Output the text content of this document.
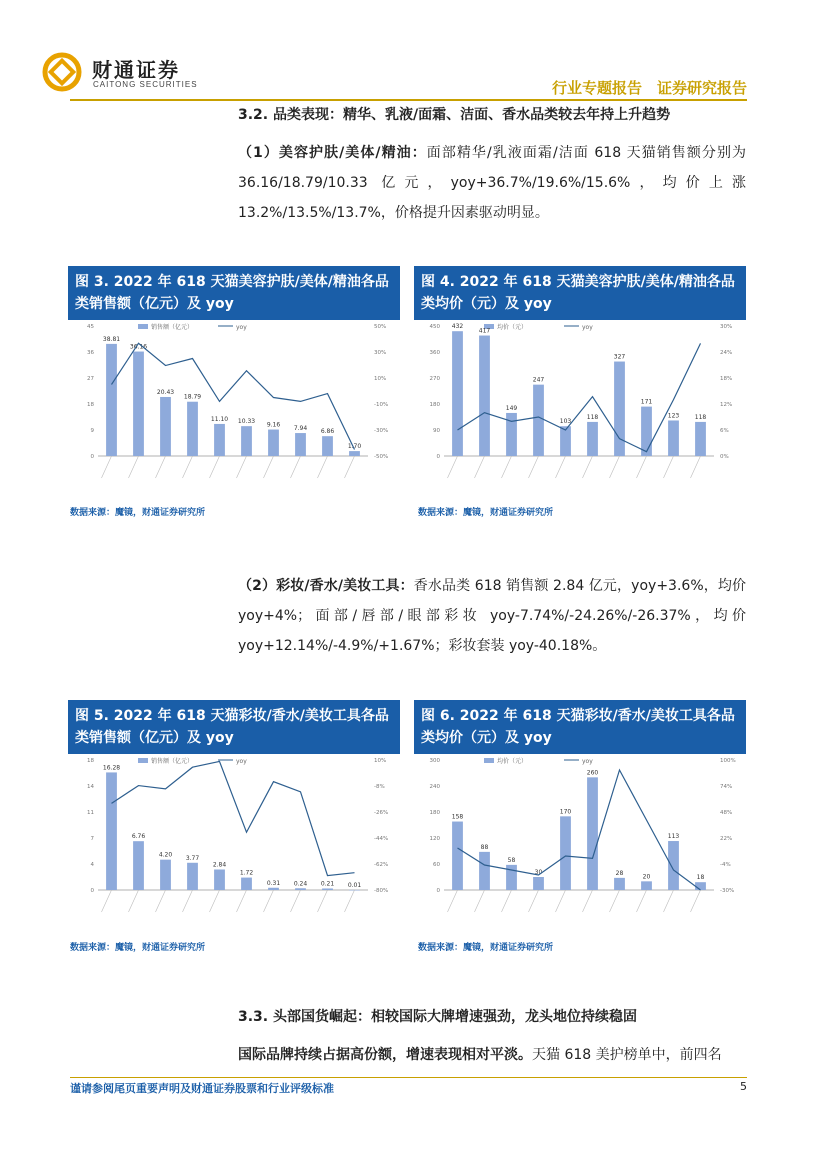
财通证券
CAITONG SECURITIES	行业专题报告　证券研究报告
3.2. 品类表现：精华、乳液/面霜、洁面、香水品类较去年持上升趋势
（1）美容护肤/美体/精油：面部精华/乳液面霜/洁面 618 天猫销售额分别为 36.16/18.79/10.33 亿元，yoy+36.7%/19.6%/15.6%，均价上涨 13.2%/13.5%/13.7%，价格提升因素驱动明显。
图 3. 2022 年 618 天猫美容护肤/美体/精油各品类销售额（亿元）及 yoy
销售额（亿元）	yoy
38.81
36.16
20.43
18.79
11.10 10.33 9.16
7.94 6.86
1.70
0	-50%
9	-30%
18	-10%
27	10%
36	30%
45	50%
数据来源：魔镜，财通证券研究所
图 4. 2022 年 618 天猫美容护肤/美体/精油各品类均价（元）及 yoy
均价（元）	yoy
432
417
149
247
103
118
327
171
123	118
0	0%
90	6%
180	12%
270	18%
360	24%
450	30%
数据来源：魔镜，财通证券研究所
（2）彩妆/香水/美妆工具：香水品类 618 销售额 2.84 亿元，yoy+3.6%，均价 yoy+4%；面部/唇部/眼部彩妆 yoy-7.74%/-24.26%/-26.37%，均价 yoy+12.14%/-4.9%/+1.67%；彩妆套装 yoy-40.18%。
图 5. 2022 年 618 天猫彩妆/香水/美妆工具各品类销售额（亿元）及 yoy
销售额（亿元）	yoy
16.28
6.76
4.20 3.77
2.84
1.72
0.31 0.24 0.21 0.01
0	-80%
4	-62%
7	-44%
11	-26%
14	-8%
18	10%
数据来源：魔镜，财通证券研究所
图 6. 2022 年 618 天猫彩妆/香水/美妆工具各品类均价（元）及 yoy
均价（元）	yoy
158
88
58
30
170
260
28	20
113
18
0	-30%
60	-4%
120	22%
180	48%
240	74%
300	100%
数据来源：魔镜，财通证券研究所
3.3. 头部国货崛起：相较国际大牌增速强劲，龙头地位持续稳固
国际品牌持续占据高份额，增速表现相对平淡。天猫 618 美护榜单中，前四名
谨请参阅尾页重要声明及财通证券股票和行业评级标准	5
